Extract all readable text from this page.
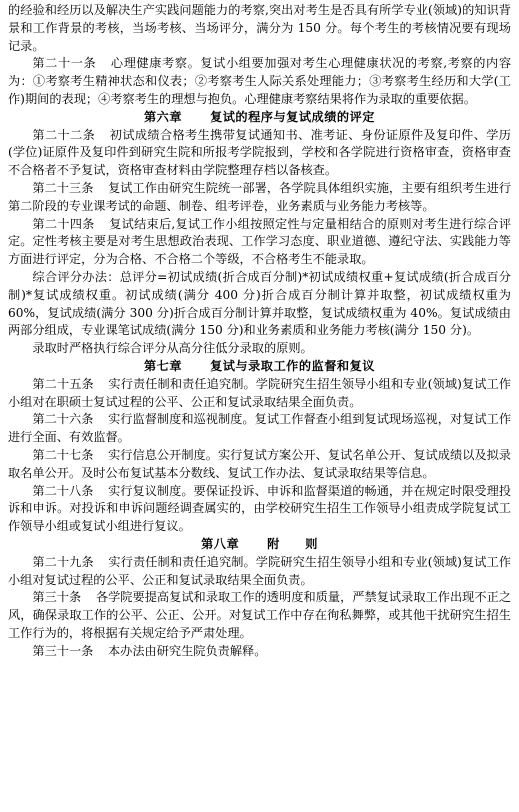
的经验和经历以及解决生产实践问题能力的考察,突出对考生是否具有所学专业(领域)的知识背景和工作背景的考核，当场考核、当场评分，满分为 150 分。每个考生的考核情况要有现场记录。

第二十一条 心理健康考察。复试小组要加强对考生心理健康状况的考察,考察的内容为：①考察考生精神状态和仪表；②考察考生人际关系处理能力；③考察考生经历和大学(工作)期间的表现；④考察考生的理想与抱负。心理健康考察结果将作为录取的重要依据。

第六章 复试的程序与复试成绩的评定

第二十二条 初试成绩合格考生携带复试通知书、准考证、身份证原件及复印件、学历(学位)证原件及复印件到研究生院和所报考学院报到，学校和各学院进行资格审查，资格审查不合格者不予复试，资格审查材料由学院整理存档以备核查。

第二十三条 复试工作由研究生院统一部署，各学院具体组织实施，主要有组织考生进行第二阶段的专业课考试的命题、制卷、组考评卷，业务素质与业务能力考核等。

第二十四条 复试结束后,复试工作小组按照定性与定量相结合的原则对考生进行综合评定。定性考核主要是对考生思想政治表现、工作学习态度、职业道德、遵纪守法、实践能力等方面进行评定，分为合格、不合格二个等级，不合格考生不能录取。

综合评分办法：总评分=初试成绩(折合成百分制)*初试成绩权重+复试成绩(折合成百分制)*复试成绩权重。初试成绩(满分 400 分)折合成百分制计算并取整，初试成绩权重为 60%，复试成绩(满分 300 分)折合成百分制计算并取整，复试成绩权重为 40%。复试成绩由两部分组成，专业课笔试成绩(满分 150 分)和业务素质和业务能力考核(满分 150 分)。

录取时严格执行综合评分从高分往低分录取的原则。

第七章 复试与录取工作的监督和复议

第二十五条 实行责任制和责任追究制。学院研究生招生领导小组和专业(领域)复试工作小组对在职硕士复试过程的公平、公正和复试录取结果全面负责。

第二十六条 实行监督制度和巡视制度。复试工作督查小组到复试现场巡视，对复试工作进行全面、有效监督。

第二十七条 实行信息公开制度。实行复试方案公开、复试名单公开、复试成绩以及拟录取名单公开。及时公布复试基本分数线、复试工作办法、复试录取结果等信息。

第二十八条 实行复议制度。要保证投诉、申诉和监督渠道的畅通，并在规定时限受理投诉和申诉。对投诉和申诉问题经调查属实的，由学校研究生招生工作领导小组责成学院复试工作领导小组或复试小组进行复议。

第八章 附　　则

第二十九条 实行责任制和责任追究制。学院研究生招生领导小组和专业(领域)复试工作小组对复试过程的公平、公正和复试录取结果全面负责。

第三十条 各学院要提高复试和录取工作的透明度和质量，严禁复试录取工作出现不正之风，确保录取工作的公平、公正、公开。对复试工作中存在徇私舞弊，或其他干扰研究生招生工作行为的，将根据有关规定给予严肃处理。

第三十一条 本办法由研究生院负责解释。
